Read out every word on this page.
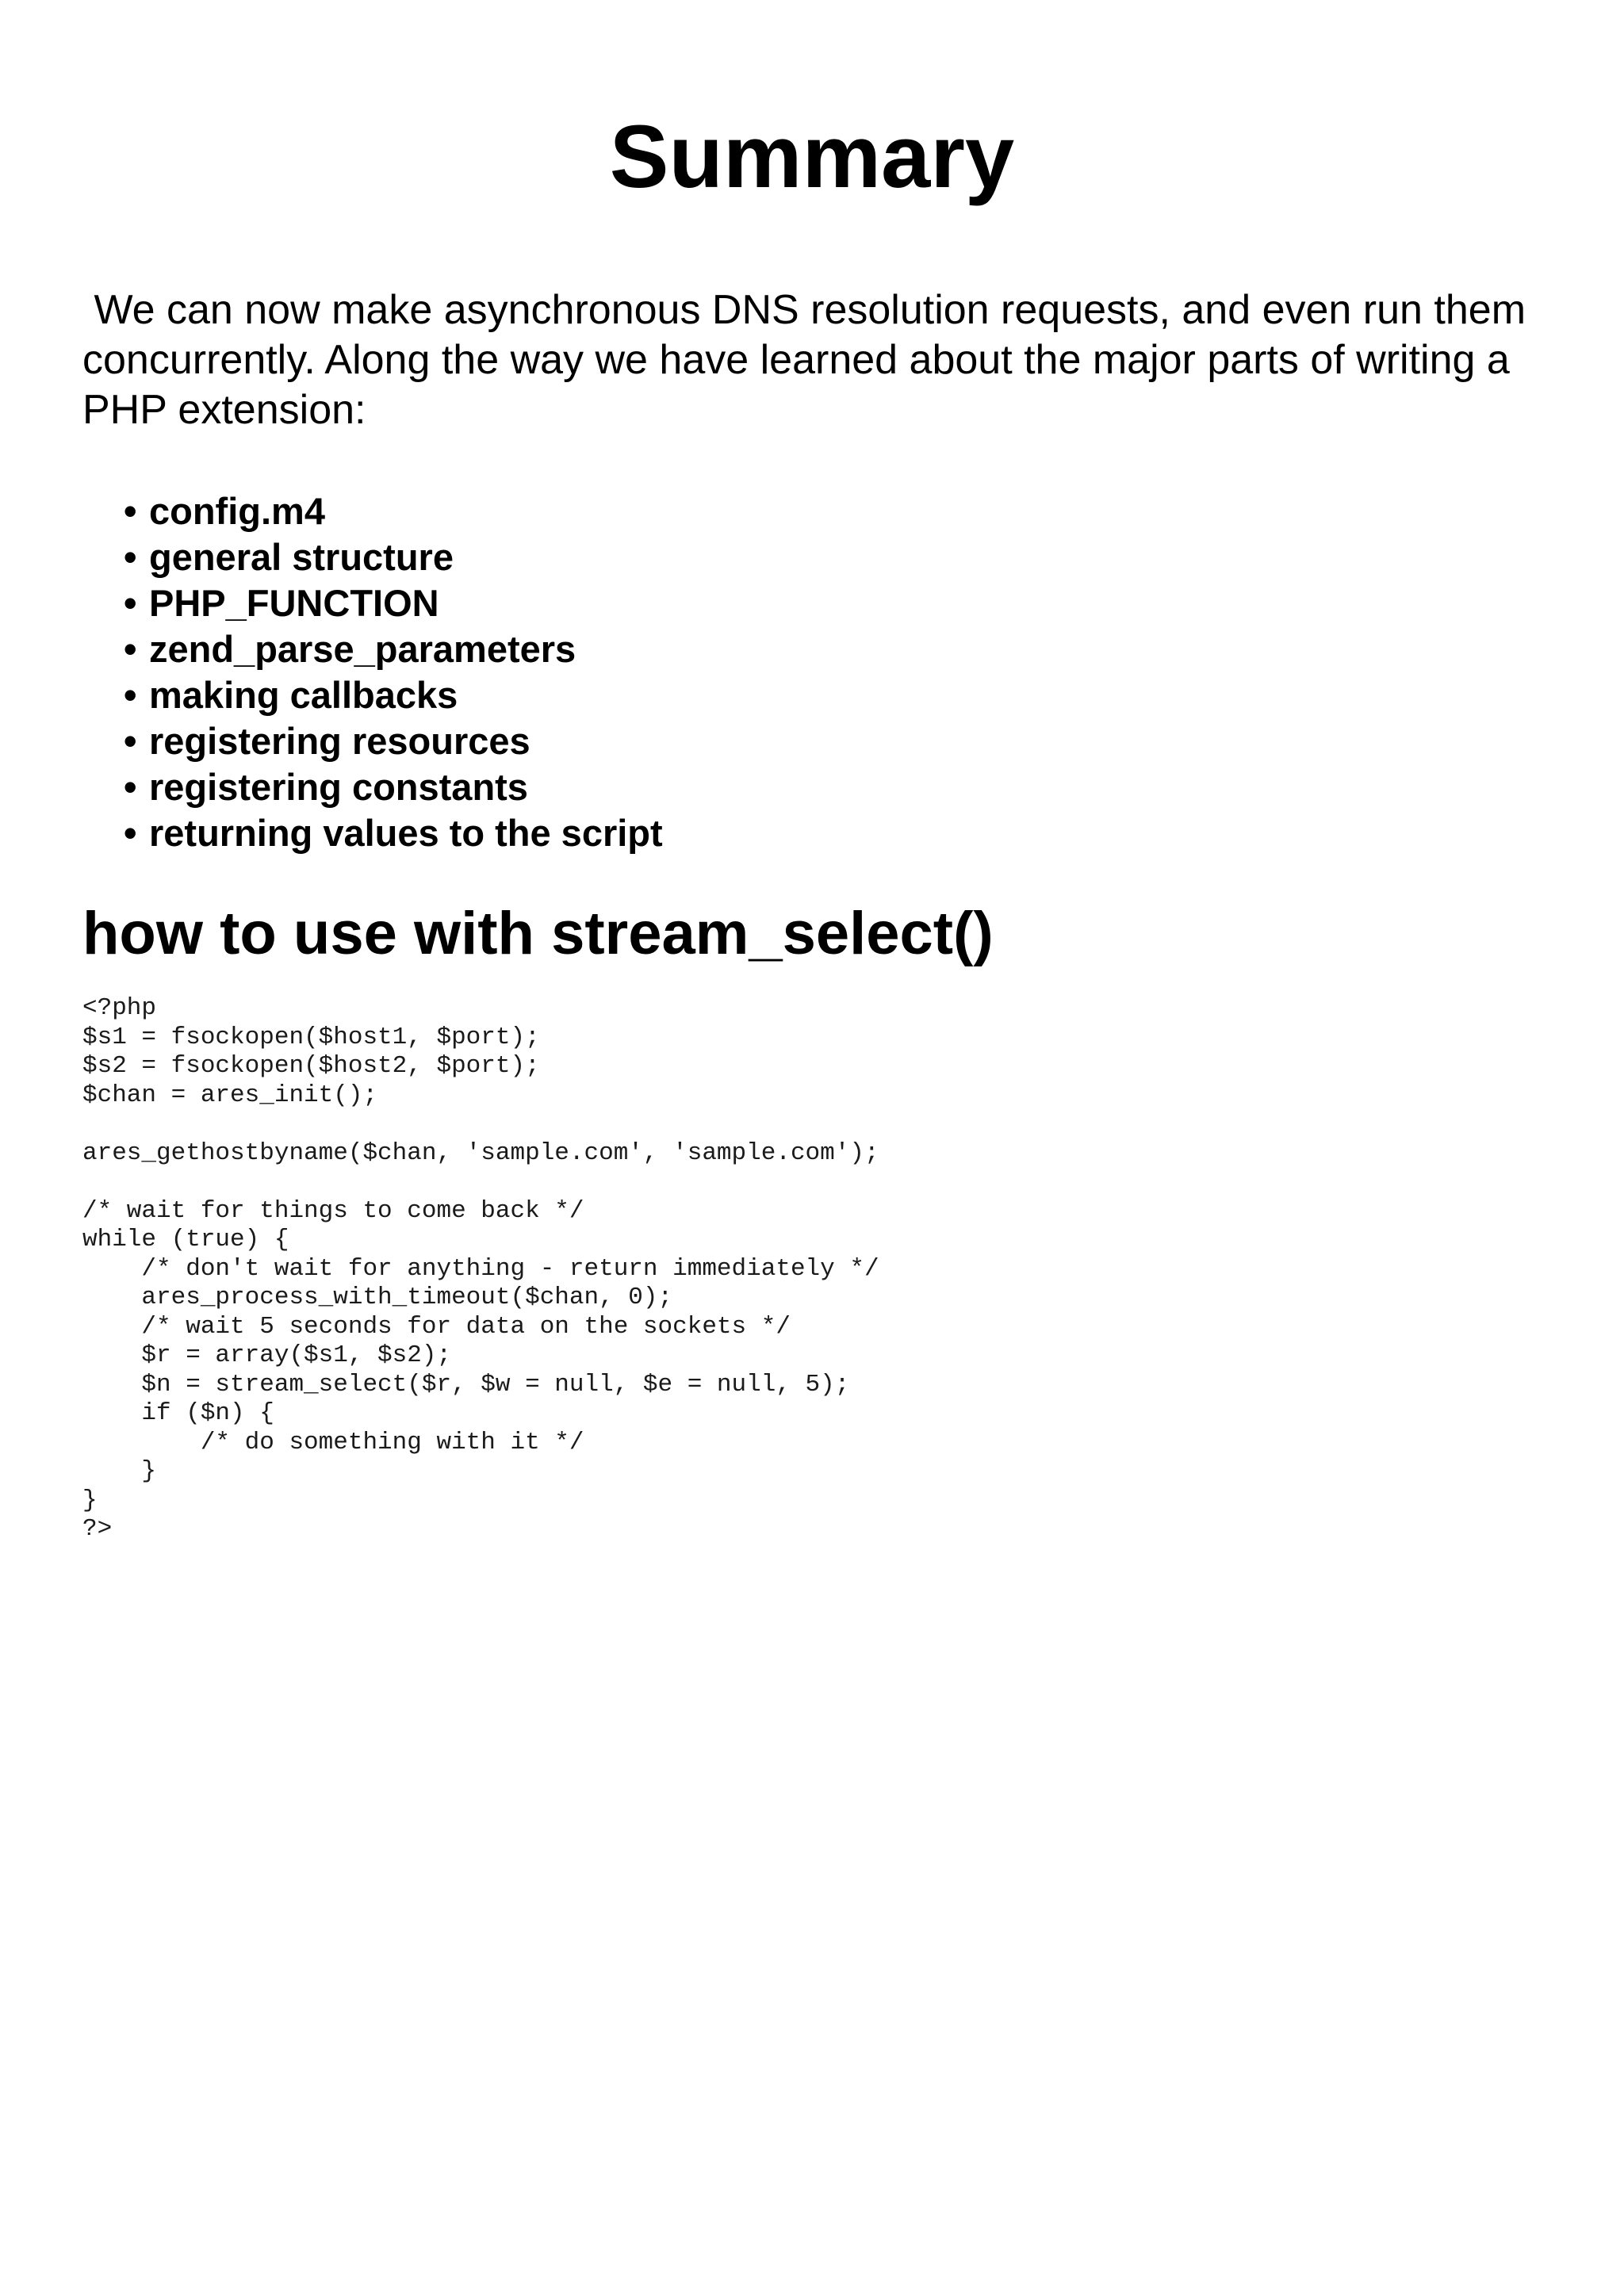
Summary

We can now make asynchronous DNS resolution requests, and even run them concurrently. Along the way we have learned about the major parts of writing a PHP extension:

• config.m4
• general structure
• PHP_FUNCTION
• zend_parse_parameters
• making callbacks
• registering resources
• registering constants
• returning values to the script
how to use with stream_select()
<?php
$s1 = fsockopen($host1, $port);
$s2 = fsockopen($host2, $port);
$chan = ares_init();

ares_gethostbyname($chan, 'sample.com', 'sample.com');

/* wait for things to come back */
while (true) {
/* don't wait for anything - return immediately */
ares_process_with_timeout($chan, 0);
/* wait 5 seconds for data on the sockets */
$r = array($s1, $s2);
$n = stream_select($r, $w = null, $e = null, 5);
if ($n) {
/* do something with it */
}
}
?>
